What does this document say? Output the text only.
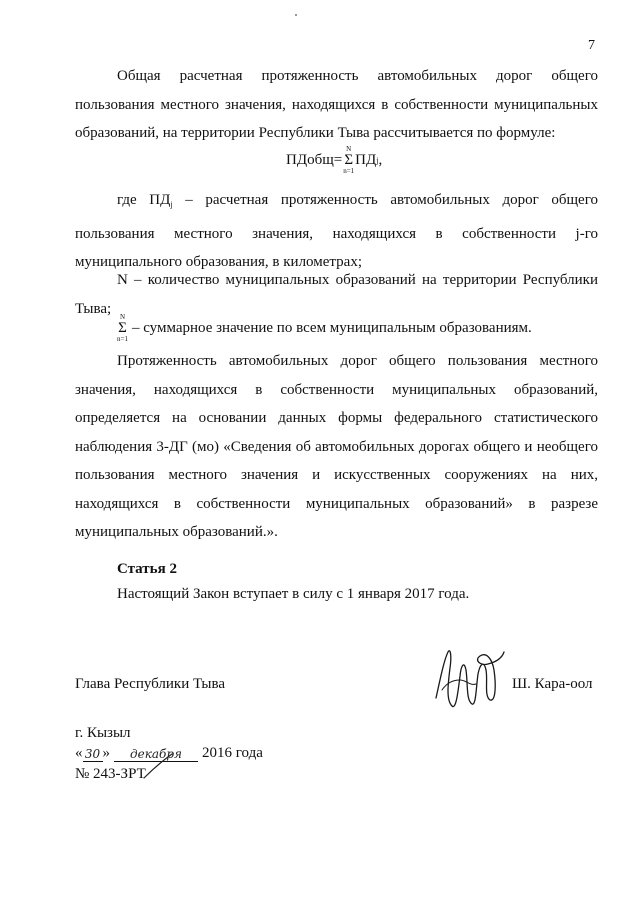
7

Общая расчетная протяженность автомобильных дорог общего пользования местного значения, находящихся в собственности муниципальных образований, на территории Республики Тыва рассчитывается по формуле:

ПДобщ =
N
Σ
n=1
ПД j ,

где $ПД_j$ – расчетная протяженность автомобильных дорог общего пользования местного значения, находящихся в собственности j-го муниципального образования, в километрах;

N – количество муниципальных образований на территории Республики Тыва;

N
Σ
n=1
– суммарное значение по всем муниципальным образованиям.

Протяженность автомобильных дорог общего пользования местного значения, находящихся в собственности муниципальных образований, определяется на основании данных формы федерального статистического наблюдения 3-ДГ (мо) «Сведения об автомобильных дорогах общего и необщего пользования местного значения и искусственных сооружениях на них, находящихся в собственности муниципальных образований» в разрезе муниципальных образований.».

Статья 2
Настоящий Закон вступает в силу с 1 января 2017 года.
Глава Республики Тыва	Ш. Кара-оол
г. Кызыл
« 30 »	декабря	2016 года
№ 243-ЗРТ
